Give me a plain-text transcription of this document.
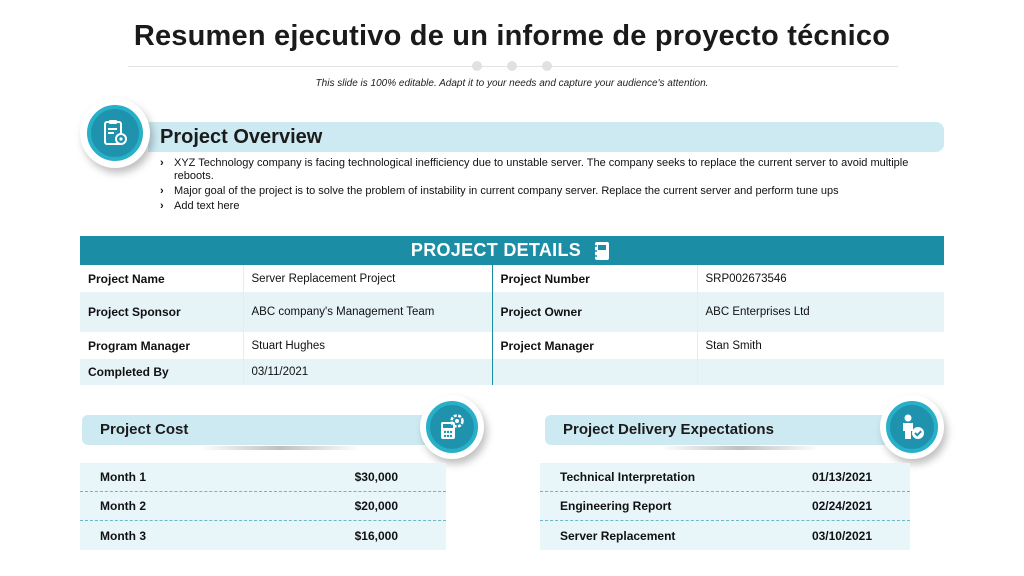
Resumen ejecutivo de un informe de proyecto técnico
This slide is 100% editable. Adapt it to your needs and capture your audience's attention.
Project Overview
› XYZ Technology company is facing technological inefficiency due to unstable server. The company seeks to replace the current server to avoid multiple reboots.
› Major goal of the project is to solve the problem of instability in current company server. Replace the current server and perform tune ups
› Add text here
PROJECT DETAILS
Project Name	Server Replacement Project	Project Number	SRP002673546
Project Sponsor	ABC company's Management Team	Project Owner	ABC Enterprises Ltd
Program Manager	Stuart Hughes	Project Manager	Stan Smith
Completed By	03/11/2021		
Project Cost
Month 1	$30,000
Month 2	$20,000
Month 3	$16,000
Project Delivery Expectations
Technical Interpretation	01/13/2021
Engineering Report	02/24/2021
Server Replacement	03/10/2021
